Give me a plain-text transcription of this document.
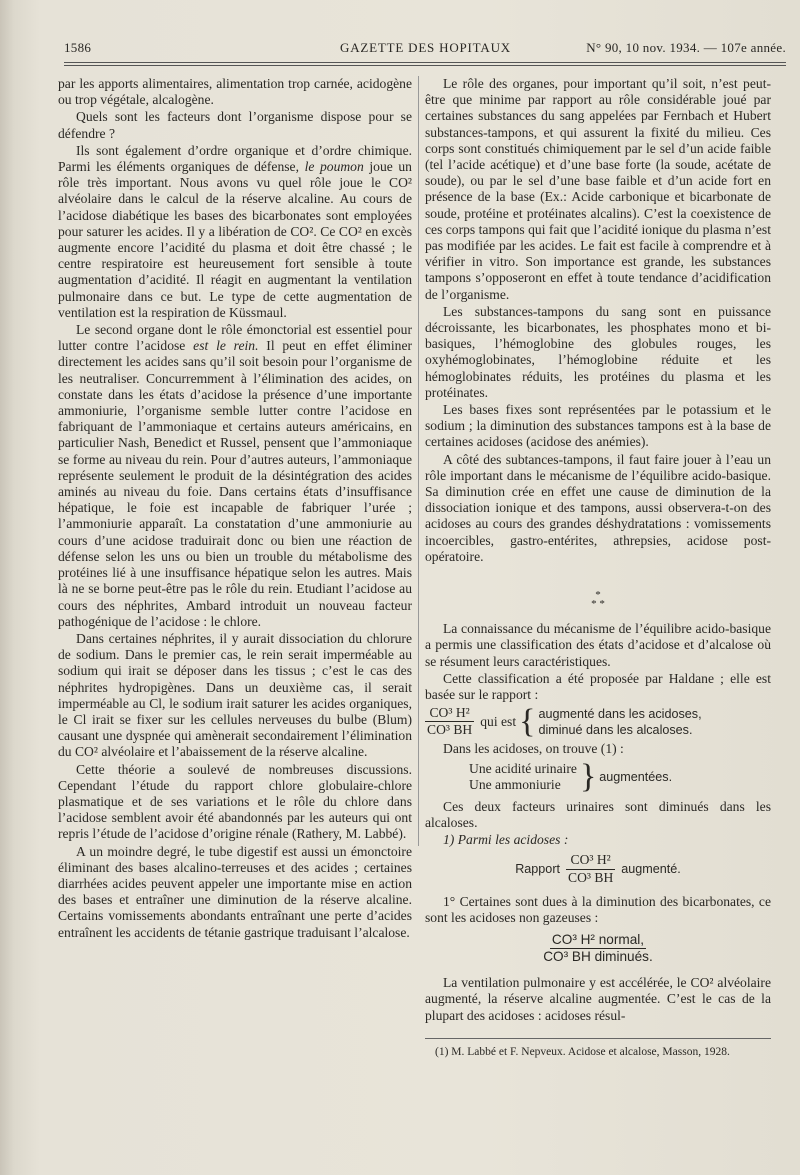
1586	GAZETTE DES HOPITAUX	N° 90, 10 nov. 1934. — 107e année.

par les apports alimentaires, alimentation trop carnée, acidogène ou trop végétale, alcalogène.

Quels sont les facteurs dont l’organisme dispose pour se défendre ?

Ils sont également d’ordre organique et d’ordre chimique. Parmi les éléments organiques de défense, le poumon joue un rôle très important. Nous avons vu quel rôle joue le CO² alvéolaire dans le calcul de la réserve alcaline. Au cours de l’acidose diabétique les bases des bicarbonates sont employées pour saturer les acides. Il y a libération de CO². Ce CO² en excès augmente encore l’acidité du plasma et doit être chassé ; le centre respiratoire est heureusement fort sensible à toute augmentation d’acidité. Il réagit en augmentant la ventilation pulmonaire dans ce but. Le type de cette augmentation de ventilation est la respiration de Küssmaul.

Le second organe dont le rôle émonctorial est essentiel pour lutter contre l’acidose est le rein. Il peut en effet éliminer directement les acides sans qu’il soit besoin pour l’organisme de les neutraliser. Concurremment à l’élimination des acides, on constate dans les états d’acidose la présence d’une importante ammoniurie, l’organisme semble lutter contre l’acidose en fabriquant de l’ammoniaque et certains auteurs américains, en particulier Nash, Benedict et Russel, pensent que l’ammoniaque se forme au niveau du rein. Pour d’autres auteurs, l’ammoniaque représente seulement le produit de la désintégration des acides aminés au niveau du foie. Dans certains états d’insuffisance hépatique, le foie est incapable de fabriquer l’urée ; l’ammoniurie apparaît. La constatation d’une ammoniurie au cours d’une acidose traduirait donc ou bien une réaction de défense selon les uns ou bien un trouble du métabolisme des protéines lié à une insuffisance hépatique selon les autres. Mais là ne se borne peut-être pas le rôle du rein. Etudiant l’acidose au cours des néphrites, Ambard introduit un nouveau facteur pathogénique de l’acidose : le chlore.

Dans certaines néphrites, il y aurait dissociation du chlorure de sodium. Dans le premier cas, le rein serait imperméable au sodium qui irait se déposer dans les tissus ; c’est le cas des néphrites hydropigènes. Dans un deuxième cas, il serait imperméable au Cl, le sodium irait saturer les acides organiques, le Cl irait se fixer sur les cellules nerveuses du bulbe (Blum) causant une dyspnée qui amènerait secondairement l’élimination du CO² alvéolaire et l’abaissement de la réserve alcaline.

Cette théorie a soulevé de nombreuses discussions. Cependant l’étude du rapport chlore globulaire-chlore plasmatique et de ses variations et le rôle du chlore dans l’acidose semblent avoir été abandonnés par les auteurs qui ont repris l’étude de l’acidose d’origine rénale (Rathery, M. Labbé).

A un moindre degré, le tube digestif est aussi un émonctoire éliminant des bases alcalino-terreuses et des acides ; certaines diarrhées acides peuvent appeler une importante mise en action des bases et entraîner une diminution de la réserve alcaline. Certains vomissements abondants entraînant une perte d’acides entraînent les accidents de tétanie gastrique traduisant l’alcalose.

Le rôle des organes, pour important qu’il soit, n’est peut-être que minime par rapport au rôle considérable joué par certaines substances du sang appelées par Fernbach et Hubert substances-tampons, et qui assurent la fixité du milieu. Ces corps sont constitués chimiquement par le sel d’un acide faible (tel l’acide acétique) et d’une base forte (la soude, acétate de soude), ou par le sel d’une base faible et d’un acide fort en présence de la base (Ex.: Acide carbonique et bicarbonate de soude, protéine et protéinates alcalins). C’est la coexistence de ces corps tampons qui fait que l’acidité ionique du plasma n’est pas modifiée par les acides. Le fait est facile à comprendre et à vérifier in vitro. Son importance est grande, les substances tampons s’opposeront en effet à toute tendance d’acidification de l’organisme.

Les substances-tampons du sang sont en puissance décroissante, les bicarbonates, les phosphates mono et bi-basiques, l’hémoglobine des globules rouges, les oxyhémoglobinates, l’hémoglobine réduite et les hémoglobinates réduits, les protéines du plasma et les protéinates.

Les bases fixes sont représentées par le potassium et le sodium ; la diminution des substances tampons est à la base de certaines acidoses (acidose des anémies).

A côté des subtances-tampons, il faut faire jouer à l’eau un rôle important dans le mécanisme de l’équilibre acido-basique. Sa diminution crée en effet une cause de diminution de la dissociation ionique et des tampons, aussi observera-t-on des acidoses au cours des grandes déshydratations : vomissements incoercibles, gastro-entérites, athrepsies, acidose post-opératoire.

*
* *

La connaissance du mécanisme de l’équilibre acido-basique a permis une classification des états d’acidose et d’alcalose où se résument leurs caractéristiques.

Cette classification a été proposée par Haldane ; elle est basée sur le rapport :

$\frac{\text{CO³ H²}}{\text{CO³ BH}}$ qui est { augmenté dans les acidoses,
diminué dans les alcaloses.

Dans les acidoses, on trouve (1) :

Une acidité urinaire
Une ammoniurie } augmentées.

Ces deux facteurs urinaires sont diminués dans les alcaloses.

1) Parmi les acidoses :

Rapport $\frac{\text{CO³ H²}}{\text{CO³ BH}}$ augmenté.

1° Certaines sont dues à la diminution des bicarbonates, ce sont les acidoses non gazeuses :

CO³ H² normal,
CO³ BH diminués.

La ventilation pulmonaire y est accélérée, le CO² alvéolaire augmenté, la réserve alcaline augmentée. C’est le cas de la plupart des acidoses : acidoses résul-

(1) M. Labbé et F. Nepveux. Acidose et alcalose, Masson, 1928.
